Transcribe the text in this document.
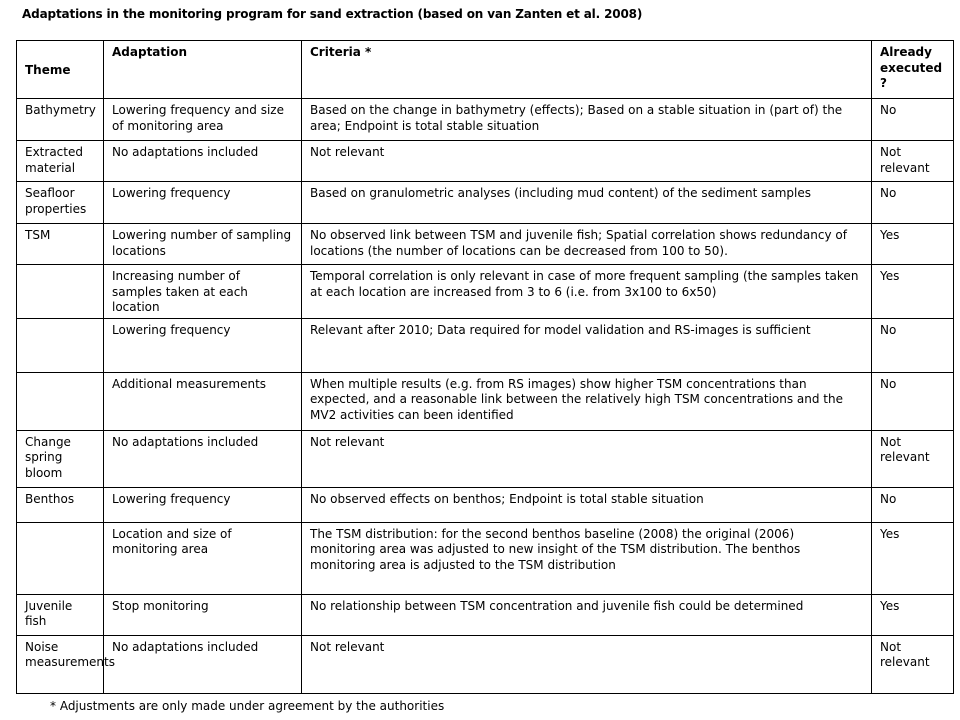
Adaptations in the monitoring program for sand extraction (based on van Zanten et al. 2008)
Theme	Adaptation	Criteria *	Already executed ?
Bathymetry	Lowering frequency and size of monitoring area	Based on the change in bathymetry (effects); Based on a stable situation in (part of) the area; Endpoint is total stable situation	No
Extracted material	No adaptations included	Not relevant	Not relevant
Seafloor properties	Lowering frequency	Based on granulometric analyses (including mud content) of the sediment samples	No
TSM	Lowering number of sampling locations	No observed link between TSM and juvenile fish; Spatial correlation shows redundancy of locations (the number of locations can be decreased from 100 to 50).	Yes
	Increasing number of samples taken at each location	Temporal correlation is only relevant in case of more frequent sampling (the samples taken at each location are increased from 3 to 6 (i.e. from 3x100 to 6x50)	Yes
	Lowering frequency	Relevant after 2010; Data required for model validation and RS-images is sufficient	No
	Additional measurements	When multiple results (e.g. from RS images) show higher TSM concentrations than expected, and a reasonable link between the relatively high TSM concentrations and the MV2 activities can been identified	No
Change spring bloom	No adaptations included	Not relevant	Not relevant
Benthos	Lowering frequency	No observed effects on benthos; Endpoint is total stable situation	No
	Location and size of monitoring area	The TSM distribution: for the second benthos baseline (2008) the original (2006) monitoring area was adjusted to new insight of the TSM distribution. The benthos monitoring area is adjusted to the TSM distribution	Yes
Juvenile fish	Stop monitoring	No relationship between TSM concentration and juvenile fish could be determined	Yes
Noise measurements	No adaptations included	Not relevant	Not relevant
* Adjustments are only made under agreement by the authorities
